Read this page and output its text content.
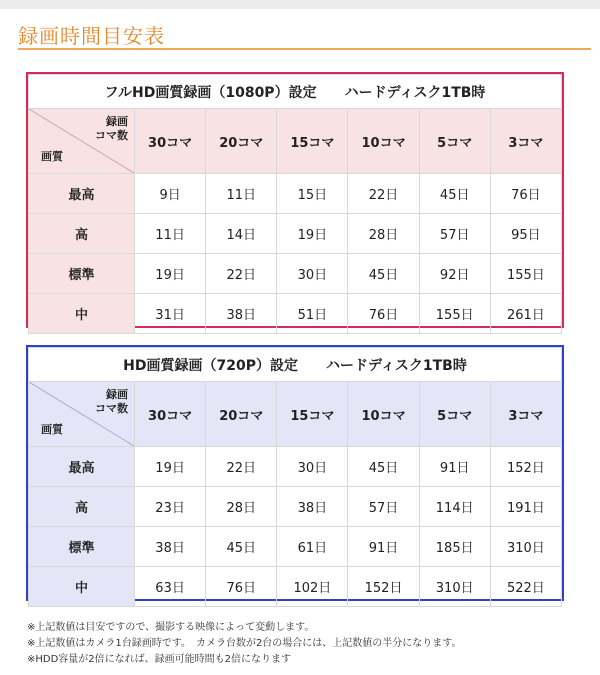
録画時間目安表
フルHD画質録画（1080P）設定 ハードディスク1TB時						

録画
コマ数
画質	30コマ	20コマ	15コマ	10コマ	5コマ	3コマ
最高	9日	11日	15日	22日	45日	76日
高	11日	14日	19日	28日	57日	95日
標準	19日	22日	30日	45日	92日	155日
中	31日	38日	51日	76日	155日	261日
HD画質録画（720P）設定 ハードディスク1TB時						

録画
コマ数
画質	30コマ	20コマ	15コマ	10コマ	5コマ	3コマ
最高	19日	22日	30日	45日	91日	152日
高	23日	28日	38日	57日	114日	191日
標準	38日	45日	61日	91日	185日	310日
中	63日	76日	102日	152日	310日	522日
※上記数値は目安ですので、撮影する映像によって変動します。
※上記数値はカメラ1台録画時です。　カメラ台数が2台の場合には、上記数値の半分になります。
※HDD容量が2倍になれば、録画可能時間も2倍になります
